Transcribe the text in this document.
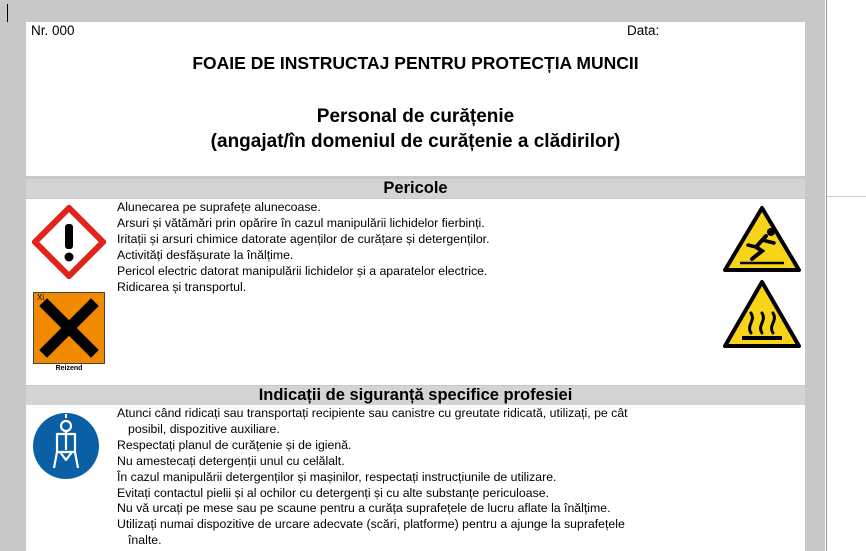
Nr. 000	Data:
FOAIE DE INSTRUCTAJ PENTRU PROTECȚIA MUNCII
Personal de curățenie
(angajat/în domeniul de curățenie a clădirilor)
Pericole
Xi
Reizend
Alunecarea pe suprafețe alunecoase.
Arsuri și vătămări prin opărire în cazul manipulării lichidelor fierbinți.
Iritații și arsuri chimice datorate agenților de curățare și detergenților.
Activități desfășurate la înălțime.
Pericol electric datorat manipulării lichidelor și a aparatelor electrice.
Ridicarea și transportul.
Indicații de siguranță specifice profesiei
Atunci când ridicați sau transportați recipiente sau canistre cu greutate ridicată, utilizați, pe cât
posibil, dispozitive auxiliare.
Respectați planul de curățenie și de igienă.
Nu amestecați detergenții unul cu celălalt.
În cazul manipulării detergenților și mașinilor, respectați instrucțiunile de utilizare.
Evitați contactul pielii și al ochilor cu detergenți și cu alte substanțe periculoase.
Nu vă urcați pe mese sau pe scaune pentru a curăța suprafețele de lucru aflate la înălțime.
Utilizați numai dispozitive de urcare adecvate (scări, platforme) pentru a ajunge la suprafețele
înalte.
